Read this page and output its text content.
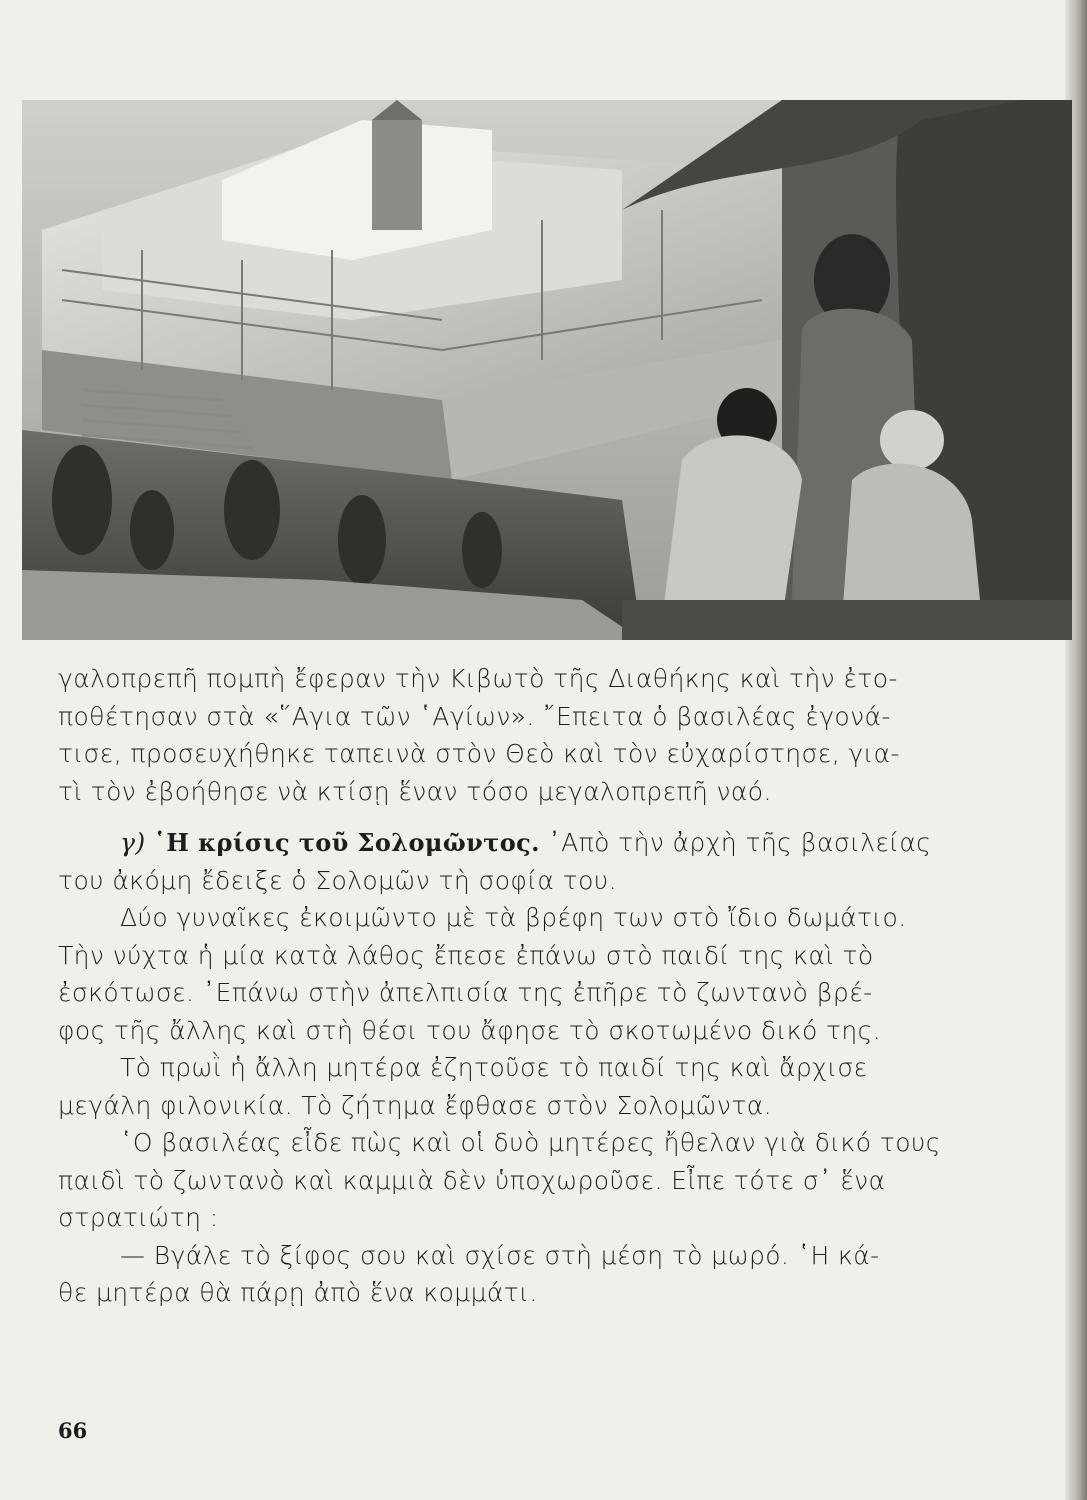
γαλοπρεπῆ πομπὴ ἔφεραν τὴν Κιβωτὸ τῆς Διαθήκης καὶ τὴν ἐτο-
ποθέτησαν στὰ «῞Αγια τῶν ῾Αγίων». ῎Επειτα ὁ βασιλέας ἐγονά-
τισε, προσευχήθηκε ταπεινὰ στὸν Θεὸ καὶ τὸν εὐχαρίστησε, για-
τὶ τὸν ἐβοήθησε νὰ κτίσῃ ἕναν τόσο μεγαλοπρεπῆ ναό.
γ) ῾Η κρίσις τοῦ Σολομῶντος. ᾿Απὸ τὴν ἀρχὴ τῆς βασιλείας
του ἀκόμη ἔδειξε ὁ Σολομῶν τὴ σοφία του.
Δύο γυναῖκες ἐκοιμῶντο μὲ τὰ βρέφη των στὸ ἴδιο δωμάτιο.
Τὴν νύχτα ἡ μία κατὰ λάθος ἔπεσε ἐπάνω στὸ παιδί της καὶ τὸ
ἐσκότωσε. ᾿Επάνω στὴν ἀπελπισία της ἐπῆρε τὸ ζωντανὸ βρέ-
φος τῆς ἄλλης καὶ στὴ θέσι του ἄφησε τὸ σκοτωμένο δικό της.
Τὸ πρωῒ ἡ ἄλλη μητέρα ἐζητοῦσε τὸ παιδί της καὶ ἄρχισε
μεγάλη φιλονικία. Τὸ ζήτημα ἔφθασε στὸν Σολομῶντα.
῾Ο βασιλέας εἶδε πὼς καὶ οἱ δυὸ μητέρες ἤθελαν γιὰ δικό τους
παιδὶ τὸ ζωντανὸ καὶ καμμιὰ δὲν ὑποχωροῦσε. Εἶπε τότε σ᾿ ἕνα
στρατιώτη :
— Βγάλε τὸ ξίφος σου καὶ σχίσε στὴ μέση τὸ μωρό. ῾Η κά-
θε μητέρα θὰ πάρῃ ἀπὸ ἕνα κομμάτι.
66
